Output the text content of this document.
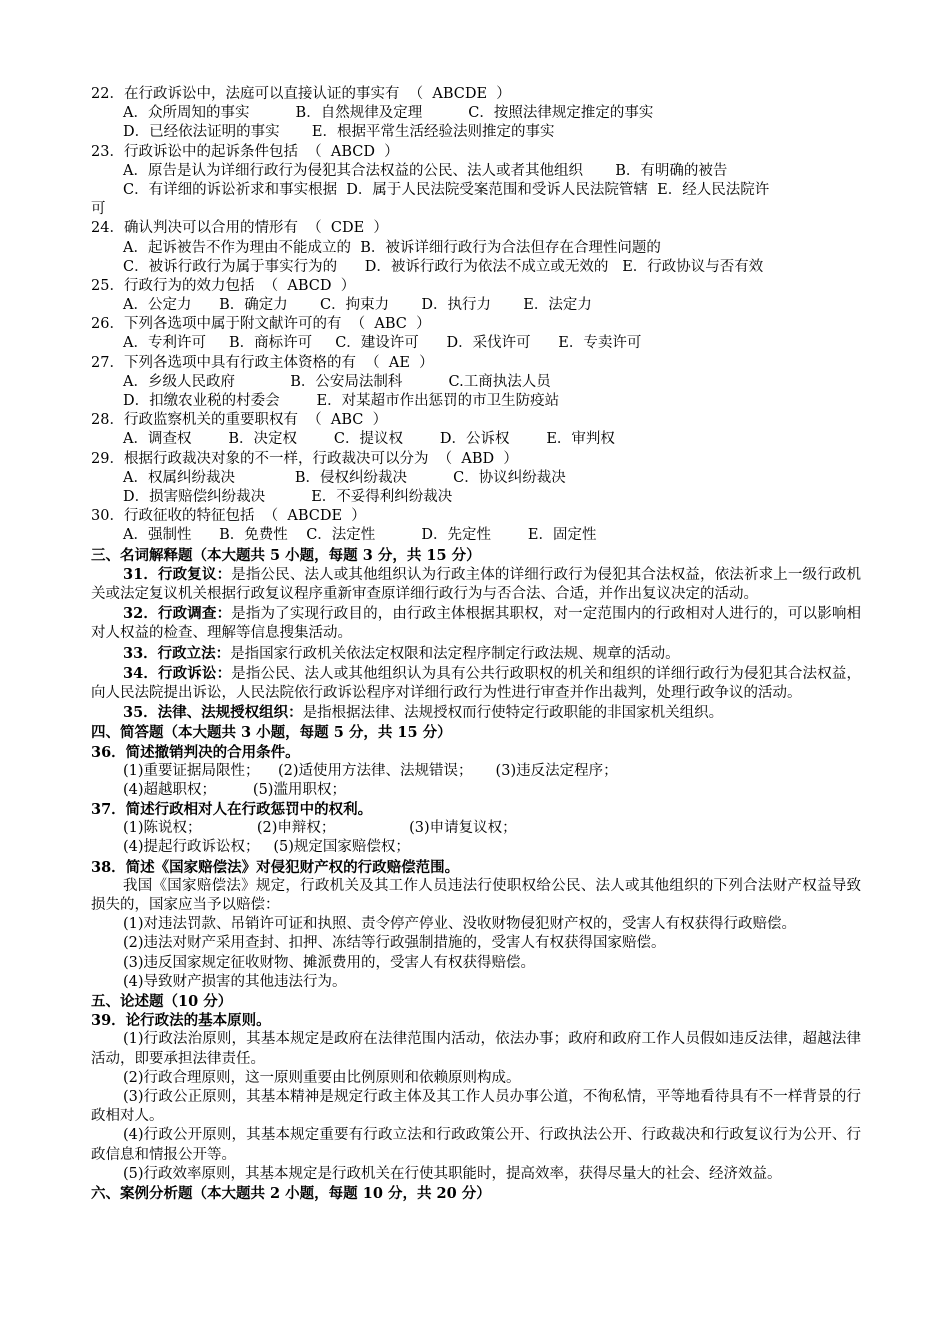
22．在行政诉讼中，法庭可以直接认证的事实有  （  ABCDE  ）
A．众所周知的事实          B．自然规律及定理          C．按照法律规定推定的事实
D．已经依法证明的事实       E．根据平常生活经验法则推定的事实
23．行政诉讼中的起诉条件包括  （  ABCD  ）
A．原告是认为详细行政行为侵犯其合法权益的公民、法人或者其他组织       B．有明确的被告
C．有详细的诉讼祈求和事实根据  D．属于人民法院受案范围和受诉人民法院管辖  E．经人民法院许
可
24．确认判决可以合用的情形有  （  CDE  ）
A．起诉被告不作为理由不能成立的  B．被诉详细行政行为合法但存在合理性问题的
C．被诉行政行为属于事实行为的      D．被诉行政行为依法不成立或无效的   E．行政协议与否有效
25．行政行为的效力包括  （  ABCD  ）
A．公定力      B．确定力       C．拘束力       D．执行力       E．法定力
26．下列各选项中属于附文献许可的有  （  ABC  ）
A．专利许可     B．商标许可     C．建设许可      D．采伐许可      E．专卖许可
27．下列各选项中具有行政主体资格的有  （  AE  ）
A．乡级人民政府            B．公安局法制科          C.工商执法人员
D．扣缴农业税的村委会        E．对某超市作出惩罚的市卫生防疫站
28．行政监察机关的重要职权有  （  ABC  ）
A．调查权        B．决定权        C．提议权        D．公诉权        E．审判权
29．根据行政裁决对象的不一样，行政裁决可以分为  （  ABD  ）
A．权属纠纷裁决             B．侵权纠纷裁决          C．协议纠纷裁决
D．损害赔偿纠纷裁决          E．不妥得利纠纷裁决
30．行政征收的特征包括  （  ABCDE  ）
A．强制性      B．免费性    C．法定性          D．先定性        E．固定性
三、名词解释题（本大题共 5 小题，每题 3 分，共 15 分）
31．行政复议：是指公民、法人或其他组织认为行政主体的详细行政行为侵犯其合法权益，依法祈求上一级行政机关或法定复议机关根据行政复议程序重新审查原详细行政行为与否合法、合适，并作出复议决定的活动。
32．行政调查：是指为了实现行政目的，由行政主体根据其职权，对一定范围内的行政相对人进行的，可以影响相对人权益的检查、理解等信息搜集活动。
33．行政立法：是指国家行政机关依法定权限和法定程序制定行政法规、规章的活动。
34．行政诉讼：是指公民、法人或其他组织认为具有公共行政职权的机关和组织的详细行政行为侵犯其合法权益，向人民法院提出诉讼，人民法院依行政诉讼程序对详细行政行为性进行审查并作出裁判，处理行政争议的活动。
35．法律、法规授权组织：是指根据法律、法规授权而行使特定行政职能的非国家机关组织。
四、简答题（本大题共 3 小题，每题 5 分，共 15 分）
36．简述撤销判决的合用条件。
(1)重要证据局限性；    (2)适使用方法律、法规错误；     (3)违反法定程序；
(4)超越职权；        (5)滥用职权；
37．简述行政相对人在行政惩罚中的权利。
(1)陈说权；            (2)申辩权；                (3)申请复议权；
(4)提起行政诉讼权；   (5)规定国家赔偿权；
38．简述《国家赔偿法》对侵犯财产权的行政赔偿范围。
我国《国家赔偿法》规定，行政机关及其工作人员违法行使职权给公民、法人或其他组织的下列合法财产权益导致损失的，国家应当予以赔偿：
(1)对违法罚款、吊销许可证和执照、责令停产停业、没收财物侵犯财产权的，受害人有权获得行政赔偿。
(2)违法对财产采用查封、扣押、冻结等行政强制措施的，受害人有权获得国家赔偿。
(3)违反国家规定征收财物、摊派费用的，受害人有权获得赔偿。
(4)导致财产损害的其他违法行为。
五、论述题（10 分）
39．论行政法的基本原则。
(1)行政法治原则，其基本规定是政府在法律范围内活动，依法办事；政府和政府工作人员假如违反法律，超越法律活动，即要承担法律责任。
(2)行政合理原则，这一原则重要由比例原则和依赖原则构成。
(3)行政公正原则，其基本精神是规定行政主体及其工作人员办事公道，不徇私情，平等地看待具有不一样背景的行政相对人。
(4)行政公开原则，其基本规定重要有行政立法和行政政策公开、行政执法公开、行政裁决和行政复议行为公开、行政信息和情报公开等。
(5)行政效率原则，其基本规定是行政机关在行使其职能时，提高效率，获得尽量大的社会、经济效益。
六、案例分析题（本大题共 2 小题，每题 10 分，共 20 分）
